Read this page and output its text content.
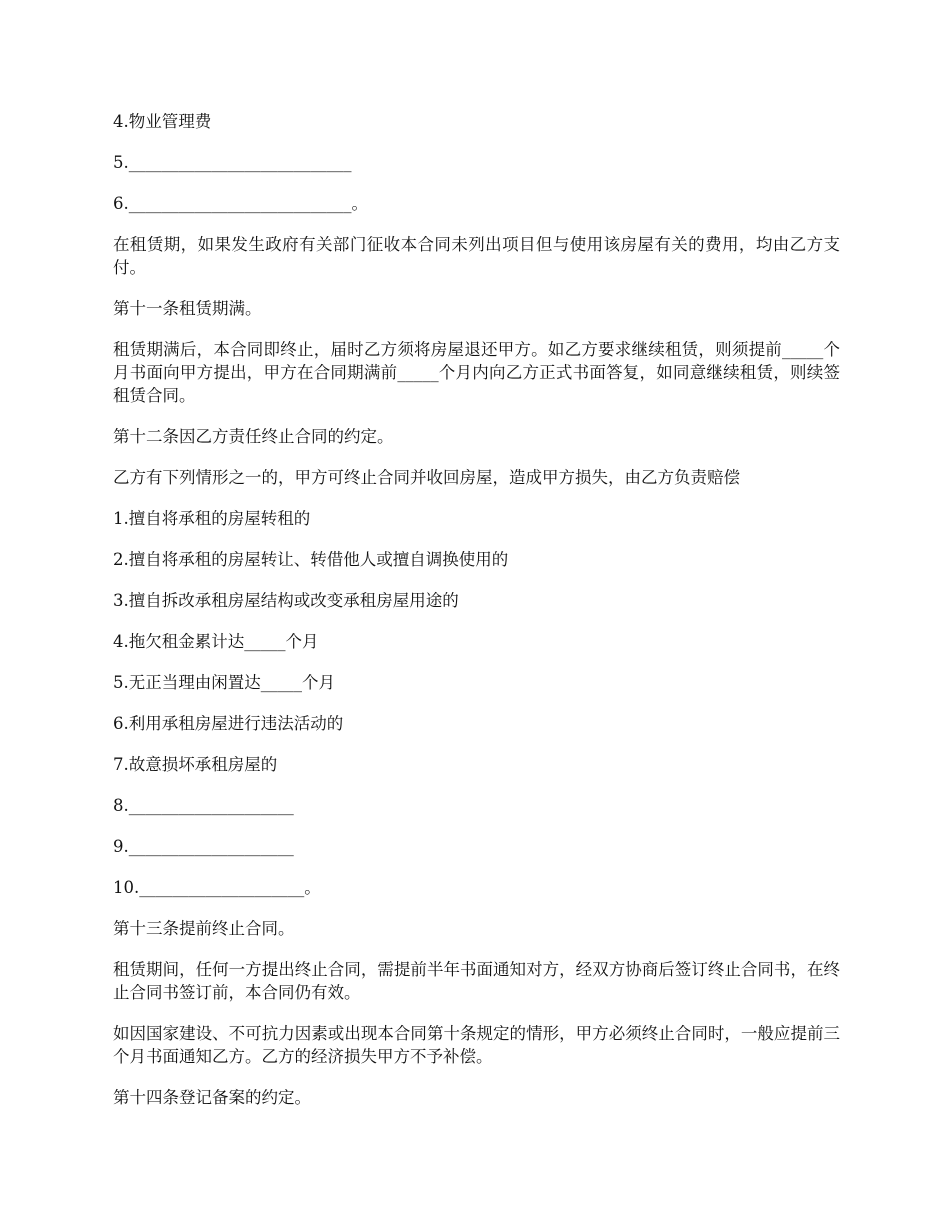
4.物业管理费

5.___________________________

6.___________________________。

在租赁期，如果发生政府有关部门征收本合同未列出项目但与使用该房屋有关的费用，均由乙方支付。

第十一条租赁期满。

租赁期满后，本合同即终止，届时乙方须将房屋退还甲方。如乙方要求继续租赁，则须提前_____个月书面向甲方提出，甲方在合同期满前_____个月内向乙方正式书面答复，如同意继续租赁，则续签租赁合同。

第十二条因乙方责任终止合同的约定。

乙方有下列情形之一的，甲方可终止合同并收回房屋，造成甲方损失，由乙方负责赔偿

1.擅自将承租的房屋转租的

2.擅自将承租的房屋转让、转借他人或擅自调换使用的

3.擅自拆改承租房屋结构或改变承租房屋用途的

4.拖欠租金累计达_____个月

5.无正当理由闲置达_____个月

6.利用承租房屋进行违法活动的

7.故意损坏承租房屋的

8.____________________

9.____________________

10.____________________。

第十三条提前终止合同。

租赁期间，任何一方提出终止合同，需提前半年书面通知对方，经双方协商后签订终止合同书，在终止合同书签订前，本合同仍有效。

如因国家建设、不可抗力因素或出现本合同第十条规定的情形，甲方必须终止合同时，一般应提前三个月书面通知乙方。乙方的经济损失甲方不予补偿。

第十四条登记备案的约定。
